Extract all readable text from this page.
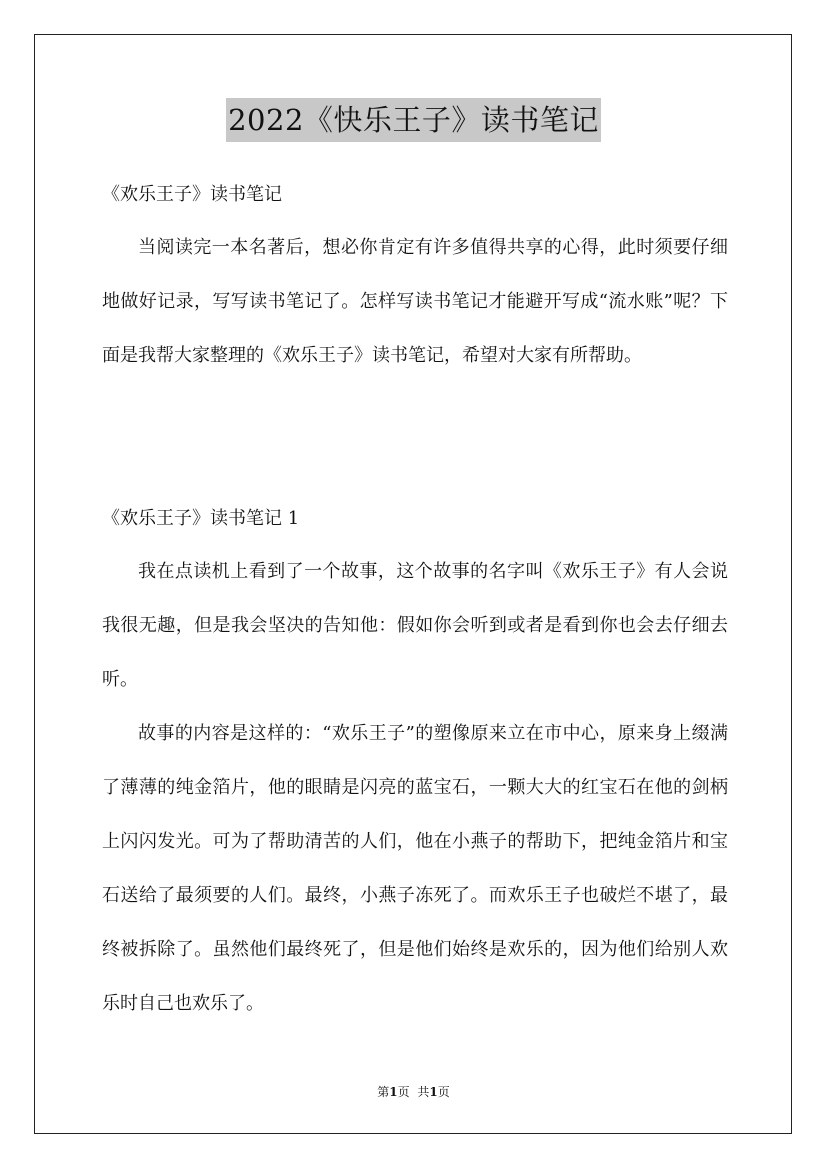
2022《快乐王子》读书笔记
《欢乐王子》读书笔记

当阅读完一本名著后，想必你肯定有许多值得共享的心得，此时须要仔细地做好记录，写写读书笔记了。怎样写读书笔记才能避开写成“流水账”呢？下面是我帮大家整理的《欢乐王子》读书笔记，希望对大家有所帮助。

《欢乐王子》读书笔记 1

我在点读机上看到了一个故事，这个故事的名字叫《欢乐王子》有人会说我很无趣，但是我会坚决的告知他：假如你会听到或者是看到你也会去仔细去听。

故事的内容是这样的：“欢乐王子”的塑像原来立在市中心，原来身上缀满了薄薄的纯金箔片，他的眼睛是闪亮的蓝宝石，一颗大大的红宝石在他的剑柄上闪闪发光。可为了帮助清苦的人们，他在小燕子的帮助下，把纯金箔片和宝石送给了最须要的人们。最终，小燕子冻死了。而欢乐王子也破烂不堪了，最终被拆除了。虽然他们最终死了，但是他们始终是欢乐的，因为他们给别人欢乐时自己也欢乐了。

第1页 共1页
